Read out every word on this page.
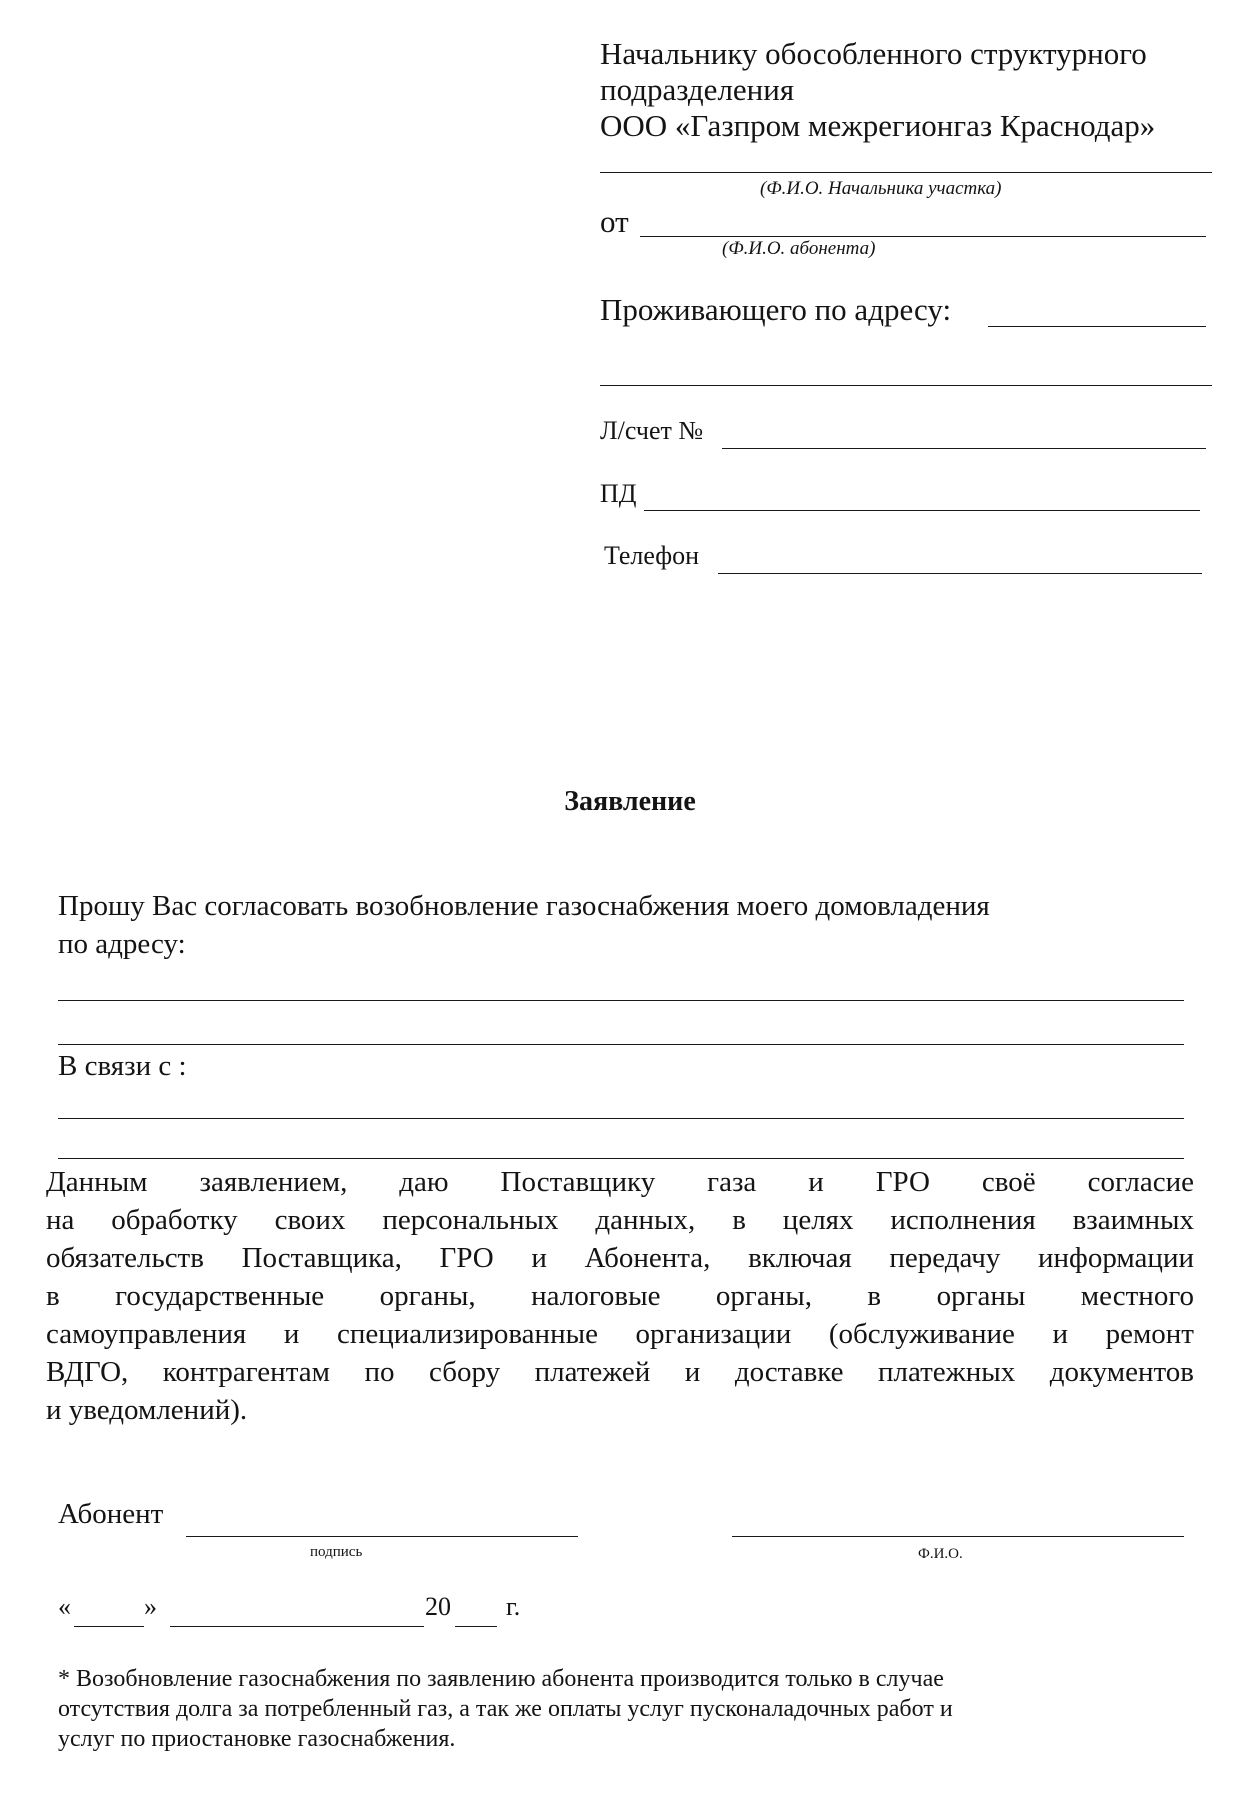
Начальнику обособленного структурного
подразделения
ООО «Газпром межрегионгаз Краснодар»
(Ф.И.О. Начальника участка)
от
(Ф.И.О. абонента)
Проживающего по адресу:
Л/счет №
ПД
Телефон
Заявление
Прошу Вас согласовать возобновление газоснабжения моего домовладения
по адресу:
В связи с :
Данным заявлением, даю Поставщику газа и ГРО своё согласие
на обработку своих персональных данных, в целях исполнения взаимных
обязательств Поставщика, ГРО и Абонента, включая передачу информации
в государственные органы, налоговые органы, в органы местного
самоуправления и специализированные организации (обслуживание и ремонт
ВДГО, контрагентам по сбору платежей и доставке платежных документов
и уведомлений).
Абонент
подпись	Ф.И.О.
«	»	20 г.
* Возобновление газоснабжения по заявлению абонента производится только в случае
отсутствия долга за потребленный газ, а так же оплаты услуг пусконаладочных работ и
услуг по приостановке газоснабжения.
